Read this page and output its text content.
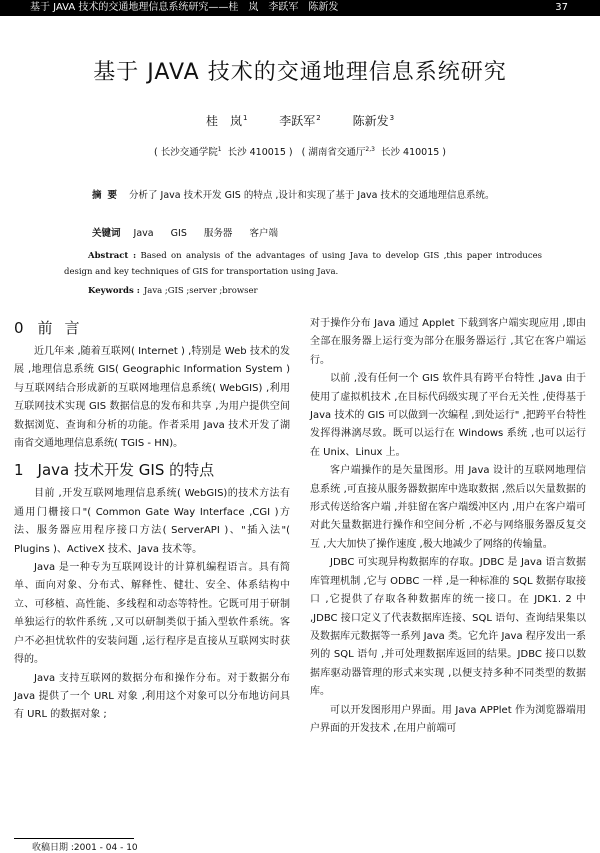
基于 JAVA 技术的交通地理信息系统研究——桂　岚　李跃军　陈新发	37
基于 JAVA 技术的交通地理信息系统研究
桂　岚$^1$	李跃军$^2$	陈新发$^3$
( 长沙交通学院$^1$ 长沙 410015 ) ( 湖南省交通厅$^{2,3}$ 长沙 410015 )
摘要 分析了 Java 技术开发 GIS 的特点 ,设计和实现了基于 Java 技术的交通地理信息系统。
关键词 Java GIS 服务器 客户端
Abstract : Based on analysis of the advantages of using Java to develop GIS ,this paper introduces design and key techniques of GIS for transportation using Java.
Keywords : Java ;GIS ;server ;browser
0 前言

近几年来 ,随着互联网( Internet ) ,特别是 Web 技术的发展 ,地理信息系统 GIS( Geographic Information System )与互联网结合形成新的互联网地理信息系统( WebGIS) ,利用互联网技术实现 GIS 数据信息的发布和共享 ,为用户提供空间数据浏览、查询和分析的功能。作者采用 Java 技术开发了湖南省交通地理信息系统( TGIS - HN)。

1 Java 技术开发 GIS 的特点

目前 ,开发互联网地理信息系统( WebGIS)的技术方法有通用门栅接口"( Common Gate Way Interface ,CGI )方法、服务器应用程序接口方法( ServerAPI )、"插入法"( Plugins )、ActiveX 技术、Java 技术等。

Java 是一种专为互联网设计的计算机编程语言。具有简单、面向对象、分布式、解释性、健壮、安全、体系结构中立、可移植、高性能、多线程和动态等特性。它既可用于研制单独运行的软件系统 ,又可以研制类似于插入型软件系统。客户不必担忧软件的安装问题 ,运行程序是直接从互联网实时获得的。

Java 支持互联网的数据分布和操作分布。对于数据分布 Java 提供了一个 URL 对象 ,利用这个对象可以分布地访问具有 URL 的数据对象 ;

对于操作分布 Java 通过 Applet 下载到客户端实现应用 ,即由全部在服务器上运行变为部分在服务器运行 ,其它在客户端运行。

以前 ,没有任何一个 GIS 软件具有跨平台特性 ,Java 由于使用了虚拟机技术 ,在目标代码级实现了平台无关性 ,使得基于 Java 技术的 GIS 可以做到一次编程 ,到处运行" ,把跨平台特性发挥得淋漓尽致。既可以运行在 Windows 系统 ,也可以运行在 Unix、Linux 上。

客户端操作的是矢量图形。用 Java 设计的互联网地理信息系统 ,可直接从服务器数据库中选取数据 ,然后以矢量数据的形式传送给客户端 ,并驻留在客户端缓冲区内 ,用户在客户端可对此矢量数据进行操作和空间分析 ,不必与网络服务器反复交互 ,大大加快了操作速度 ,极大地减少了网络的传输量。

JDBC 可实现异构数据库的存取。JDBC 是 Java 语言数据库管理机制 ,它与 ODBC 一样 ,是一种标准的 SQL 数据存取接口 ,它提供了存取各种数据库的统一接口。在 JDK1. 2 中 ,JDBC 接口定义了代表数据库连接、SQL 语句、查询结果集以及数据库元数据等一系列 Java 类。它允许 Java 程序发出一系列的 SQL 语句 ,并可处理数据库返回的结果。JDBC 接口以数据库驱动器管理的形式来实现 ,以便支持多种不同类型的数据库。

可以开发图形用户界面。用 Java APPlet 作为浏览器端用户界面的开发技术 ,在用户前端可

收稿日期 :2001 - 04 - 10
